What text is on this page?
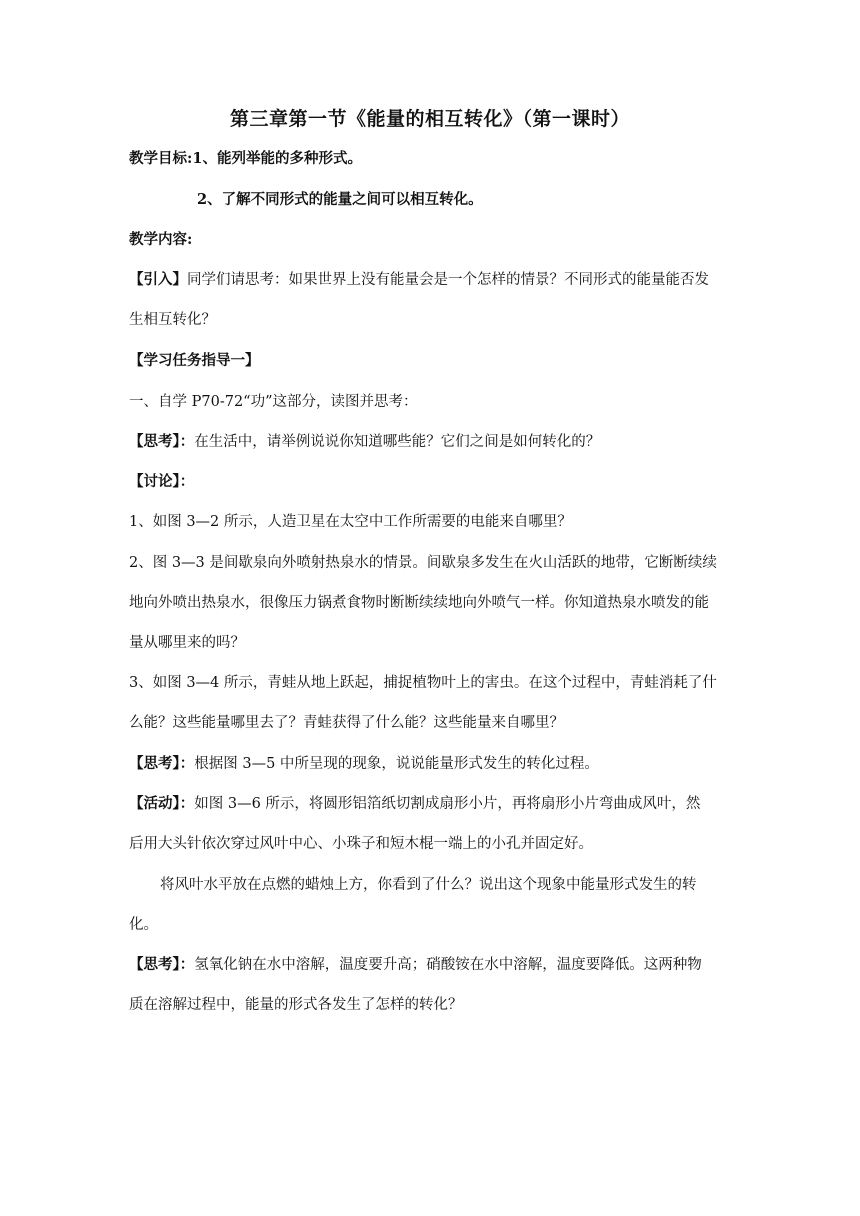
第三章第一节《能量的相互转化》（第一课时）
教学目标:1、能列举能的多种形式。
2、了解不同形式的能量之间可以相互转化。
教学内容:
【引入】同学们请思考：如果世界上没有能量会是一个怎样的情景？不同形式的能量能否发
生相互转化？
【学习任务指导一】
一、自学 P70-72“功”这部分，读图并思考：
【思考】：在生活中，请举例说说你知道哪些能？它们之间是如何转化的？
【讨论】：
1、如图 3—2 所示，人造卫星在太空中工作所需要的电能来自哪里？
2、图 3—3 是间歇泉向外喷射热泉水的情景。间歇泉多发生在火山活跃的地带，它断断续续
地向外喷出热泉水，很像压力锅煮食物时断断续续地向外喷气一样。你知道热泉水喷发的能
量从哪里来的吗？
3、如图 3—4 所示，青蛙从地上跃起，捕捉植物叶上的害虫。在这个过程中，青蛙消耗了什
么能？这些能量哪里去了？青蛙获得了什么能？这些能量来自哪里？
【思考】：根据图 3—5 中所呈现的现象，说说能量形式发生的转化过程。
【活动】：如图 3—6 所示，将圆形铝箔纸切割成扇形小片，再将扇形小片弯曲成风叶，然
后用大头针依次穿过风叶中心、小珠子和短木棍一端上的小孔并固定好。
将风叶水平放在点燃的蜡烛上方，你看到了什么？说出这个现象中能量形式发生的转
化。
【思考】：氢氧化钠在水中溶解，温度要升高；硝酸铵在水中溶解，温度要降低。这两种物
质在溶解过程中，能量的形式各发生了怎样的转化？
